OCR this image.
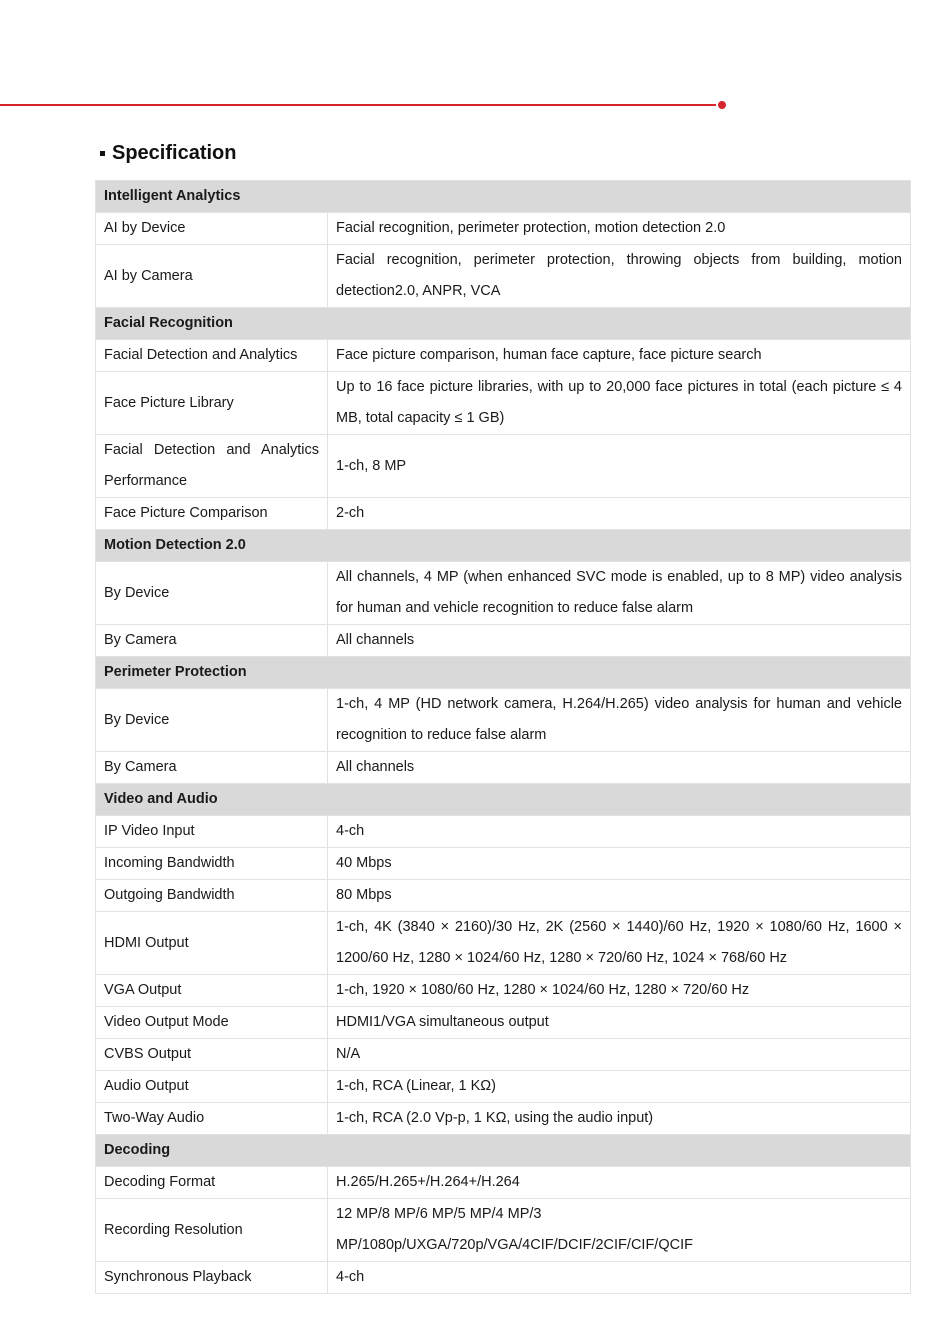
Specification
Intelligent Analytics	
AI by Device	Facial recognition, perimeter protection, motion detection 2.0
AI by Camera	Facial recognition, perimeter protection, throwing objects from building, motion detection2.0, ANPR, VCA
Facial Recognition	
Facial Detection and Analytics	Face picture comparison, human face capture, face picture search
Face Picture Library	Up to 16 face picture libraries, with up to 20,000 face pictures in total (each picture ≤ 4 MB, total capacity ≤ 1 GB)
Facial Detection and Analytics Performance	1-ch, 8 MP
Face Picture Comparison	2-ch
Motion Detection 2.0	
By Device	All channels, 4 MP (when enhanced SVC mode is enabled, up to 8 MP) video analysis for human and vehicle recognition to reduce false alarm
By Camera	All channels
Perimeter Protection	
By Device	1-ch, 4 MP (HD network camera, H.264/H.265) video analysis for human and vehicle recognition to reduce false alarm
By Camera	All channels
Video and Audio	
IP Video Input	4-ch
Incoming Bandwidth	40 Mbps
Outgoing Bandwidth	80 Mbps
HDMI Output	1-ch, 4K (3840 × 2160)/30 Hz, 2K (2560 × 1440)/60 Hz, 1920 × 1080/60 Hz, 1600 × 1200/60 Hz, 1280 × 1024/60 Hz, 1280 × 720/60 Hz, 1024 × 768/60 Hz
VGA Output	1-ch, 1920 × 1080/60 Hz, 1280 × 1024/60 Hz, 1280 × 720/60 Hz
Video Output Mode	HDMI1/VGA simultaneous output
CVBS Output	N/A
Audio Output	1-ch, RCA (Linear, 1 KΩ)
Two-Way Audio	1-ch, RCA (2.0 Vp-p, 1 KΩ, using the audio input)
Decoding	
Decoding Format	H.265/H.265+/H.264+/H.264
Recording Resolution	12 MP/8 MP/6 MP/5 MP/4 MP/3 MP/1080p/UXGA/720p/VGA/4CIF/DCIF/2CIF/CIF/QCIF
Synchronous Playback	4-ch
